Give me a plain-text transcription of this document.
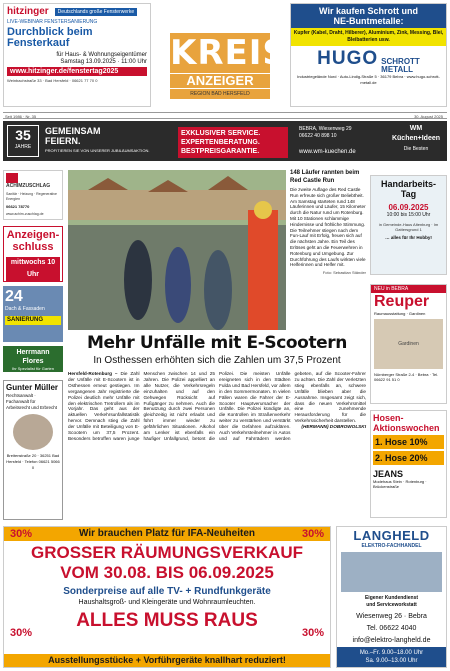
hitzinger	Deutschlands große Fensterwerke
LIVE-WEBINAR FENSTERSANIERUNG
Durchblick beim
Fensterkauf
für Haus- & Wohnungseigentümer
Samstag 13.09.2025 · 11:00 Uhr
www.hitzinger.de/fenstertag2025
Weinbachstraße 33 · Bad Hersfeld · 06621 77 70 0
KREIS
ANZEIGER
REGION BAD HERSFELD
Wir kaufen Schrott und
NE-Buntmetalle:
Kupfer (Kabel, Draht, Hilberer), Aluminium, Zink, Messing, Blei, Bleibatterien usw.
HUGO SCHROTT
METALL
Industriegelände Nord · Auto-Lindig-Straße 5 · 36179 Bebra · www.hugo-schrott-metall.de
Seit 1986 · Nr. 35	30. August 2025
35
JAHRE
GEMEINSAM
FEIERN.
PROFITIEREN SIE VON UNSERER JUBILÄUMSAKTION.
EXKLUSIVER SERVICE.
EXPERTENBERATUNG.
BESTPREISGARANTIE.
BEBRA, Wiesenweg 29
06622 40 898 10
www.wm-kuechen.de
WM
Küchen+Ideen
Die Besten
ACHIMZUSCHLAG
Sanitär · Heizung · Regenerative Energien
06621 78770
www.achim-zuschlag.de
Anzeigen-
schluss
mittwochs 10 Uhr
24
Dach & Fassaden
SANIERUNG
Herrmann Flores
Ihr Spezialist für Garten
Gunter Müller
Rechtsanwalt · Fachanwalt für Arbeitsrecht und Erbrecht
Breitenstraße 20 · 36251 Bad Hersfeld · Telefon 06621 5066 0
148 Läufer rannten beim Red Castle Run
Die zweite Auflage des Red Castle Run erfreute sich großer Beliebtheit. Am Samstag starteten rund 148 Läuferinnen und Läufer, 15 Kilometer durch die Natur rund um Rotenburg. Mit 10 Stationen schlammige Hindernisse und fröhliche Stimmung. Die Teilnehmer stiegen nach dem Fun-Lauf mit Erfolg, freuen sich auf die nächsten Jahre. Ein Teil des Erlöses geht an die Feuerwehren in Rotenburg und Umgebung. Zur Durchführung des Laufs wirkten viele Helferinnen und Helfer mit.
Foto: Sebastian Ständer
Handarbeits-
Tag
06.09.2025
10:00 bis 15:00 Uhr
in Gemeinde-Haus Altenburg · Im Gattersgrund 1
… alles für Ihr Hobby!
NEU in BEBRA
Reuper
Raumausstattung · Gardinen
Gardinen
Nürnberger Straße 2-4 · Bebra · Tel. 06622 91 51 0
Hosen-Aktionswochen
1. Hose 10%
2. Hose 20%
JEANS
Modehaus Stein · Rotenburg · Brückenstraße
Mehr Unfälle mit E-Scootern
In Osthessen erhöhten sich die Zahlen um 37,5 Prozent
Hersfeld-Rotenburg – Die Zahl der Unfälle mit E-Scootern ist in Osthessen erneut gestiegen. Im vergangenen Jahr registrierte die Polizei deutlich mehr Unfälle mit den elektrischen Tretrollern als im Vorjahr. Das geht aus der aktuellen Verkehrsunfallstatistik hervor. Demnach stieg die Zahl der Unfälle mit Beteiligung von E-Scootern um 37,5 Prozent. Besonders betroffen waren junge Menschen zwischen 14 und 25 Jahren. Die Polizei appelliert an alle Nutzer, die Verkehrsregeln einzuhalten und auf den Gehwegen Rücksicht auf Fußgänger zu nehmen. Auch die Benutzung durch zwei Personen gleichzeitig ist nicht erlaubt und führt immer wieder zu gefährlichen Situationen. Alkohol am Lenker ist ebenfalls ein häufiger Unfallgrund, betont die Polizei. Die meisten Unfälle ereigneten sich in den Städten Fulda und Bad Hersfeld, vor allem in den Sommermonaten. In vielen Fällen waren die Fahrer der E-Scooter Hauptverursacher der Unfälle. Die Polizei kündigte an, die Kontrollen im Straßenverkehr weiter zu verstärken und verstärkt über die Gefahren aufzuklären. Auch Verkehrsteilnehmer in Autos und auf Fahrrädern werden gebeten, auf die Scooter-Fahrer zu achten. Die Zahl der Verletzten stieg ebenfalls an, schwere Unfälle blieben aber die Ausnahme. Insgesamt zeigt sich, dass die neuen Verkehrsmittel eine zunehmende Herausforderung für die Verkehrssicherheit darstellen.
(HERMANN) DOBROWOLSKI
Wir brauchen Platz für IFA-Neuheiten
GROSSER RÄUMUNGSVERKAUF
VOM 30.08. BIS 06.09.2025
Sonderpreise auf alle TV- + Rundfunkgeräte
Haushaltsgroß- und Kleingeräte und Wohnraumleuchten.
ALLES MUSS RAUS
Ausstellungsstücke + Vorführgeräte knallhart reduziert!
30%	30%
30%	30%
LANGHELD
ELEKTRO-FACHHANDEL
Eigener Kundendienst
und Serviceworkstatt
Wiesenweg 26 · Bebra
Tel. 06622 4040
info@elektro-langheld.de
Mo.–Fr. 9.00–18.00 Uhr
Sa. 9.00–13.00 Uhr
